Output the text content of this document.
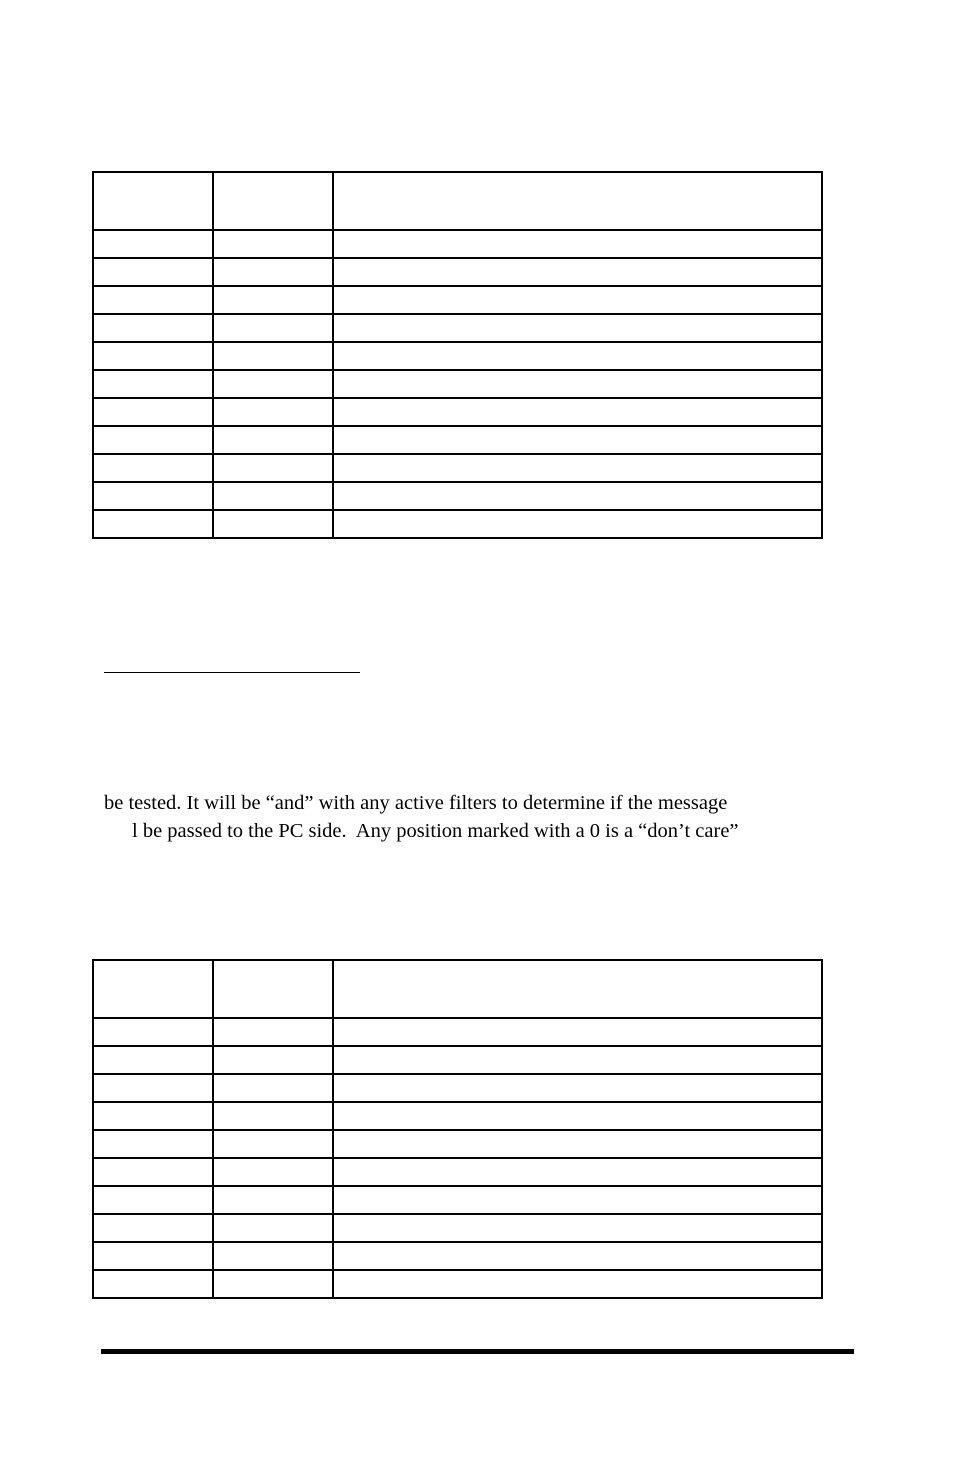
be tested. It will be “and” with any active filters to determine if the message
l be passed to the PC side.  Any position marked with a 0 is a “don’t care”
